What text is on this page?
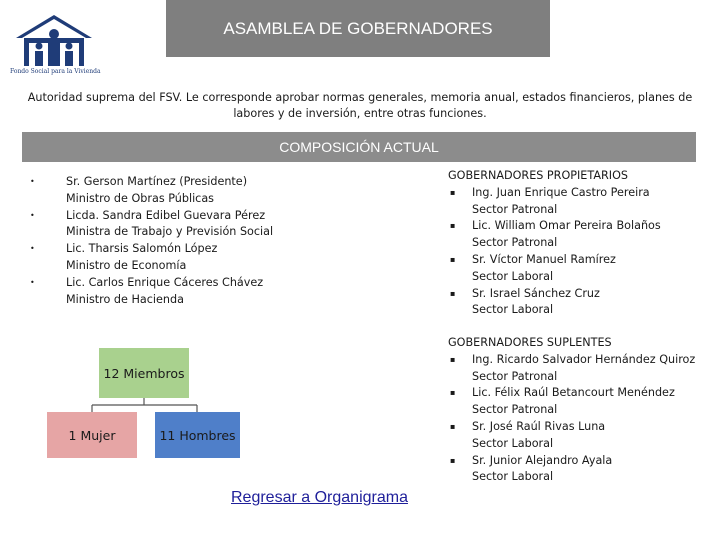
Fondo Social para la Vivienda
ASAMBLEA DE GOBERNADORES
Autoridad suprema del FSV. Le corresponde aprobar normas generales, memoria anual, estados financieros, planes de labores y de inversión, entre otras funciones.
COMPOSICIÓN ACTUAL
•	Sr. Gerson Martínez (Presidente)
Ministro de Obras Públicas
•	Licda. Sandra Edibel Guevara Pérez
Ministra de Trabajo y Previsión Social
•	Lic. Tharsis Salomón López
Ministro de Economía
•	Lic. Carlos Enrique Cáceres Chávez
Ministro de Hacienda
GOBERNADORES PROPIETARIOS
▪ Ing. Juan Enrique Castro Pereira
Sector Patronal
▪ Lic. William Omar Pereira Bolaños
Sector Patronal
▪ Sr. Víctor Manuel Ramírez
Sector Laboral
▪ Sr. Israel Sánchez Cruz
Sector Laboral
GOBERNADORES SUPLENTES
▪ Ing. Ricardo Salvador Hernández Quiroz
Sector Patronal
▪ Lic. Félix Raúl Betancourt Menéndez
Sector Patronal
▪ Sr. José Raúl Rivas Luna
Sector Laboral
▪ Sr. Junior Alejandro Ayala
Sector Laboral
12 Miembros
1 Mujer	11 Hombres
Regresar a Organigrama
